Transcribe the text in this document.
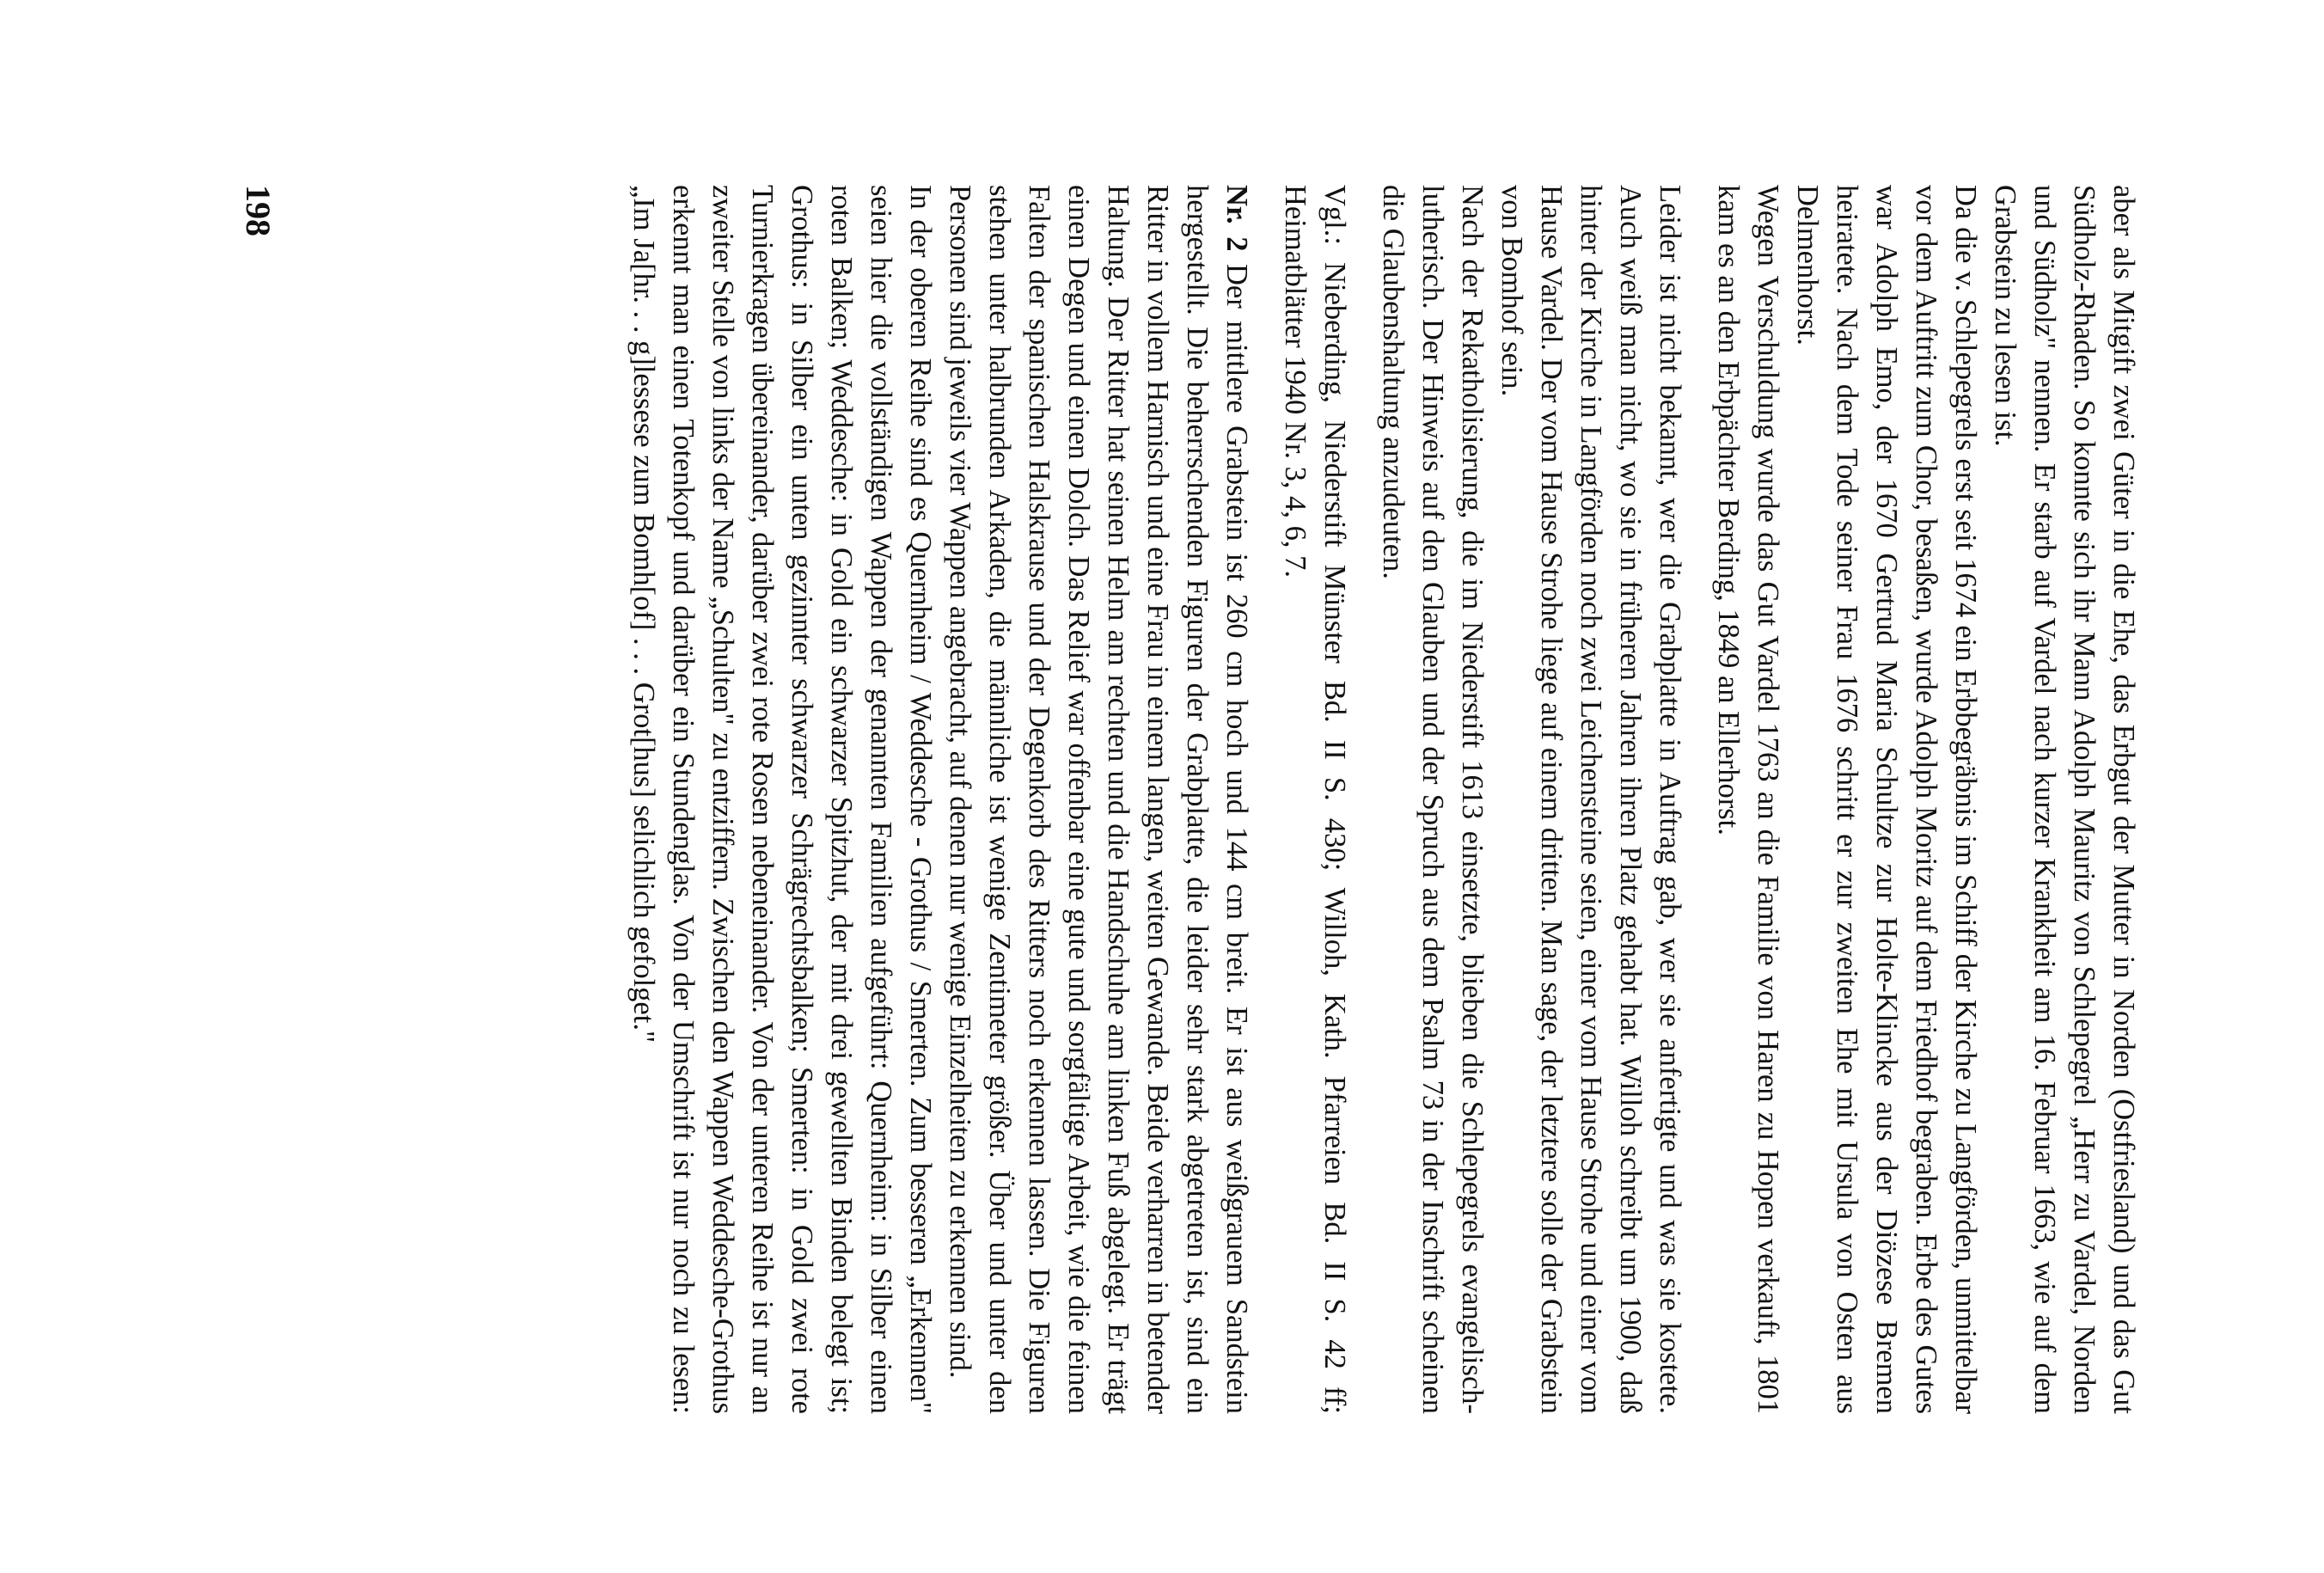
aber als Mitgift zwei Güter in die Ehe, das Erbgut der Mutter in Norden (Ostfriesland) und das Gut Südholz-Rhaden. So konnte sich ihr Mann Adolph Mauritz von Schlepegrel „Herr zu Vardel, Norden und Südholz" nennen. Er starb auf Vardel nach kurzer Krankheit am 16. Februar 1663, wie auf dem Grabstein zu lesen ist.

Da die v. Schlepegrels erst seit 1674 ein Erbbegräbnis im Schiff der Kirche zu Langförden, unmittelbar vor dem Auftritt zum Chor, besaßen, wurde Adolph Moritz auf dem Friedhof begraben. Erbe des Gutes war Adolph Emo, der 1670 Gertrud Maria Schultze zur Holte-Klincke aus der Diözese Bremen heiratete. Nach dem Tode seiner Frau 1676 schritt er zur zweiten Ehe mit Ursula von Osten aus Delmenhorst.

Wegen Verschuldung wurde das Gut Vardel 1763 an die Familie von Haren zu Hopen verkauft, 1801 kam es an den Erbpächter Berding, 1849 an Ellerhorst.

Leider ist nicht bekannt, wer die Grabplatte in Auftrag gab, wer sie anfertigte und was sie kostete. Auch weiß man nicht, wo sie in früheren Jahren ihren Platz gehabt hat. Willoh schreibt um 1900, daß hinter der Kirche in Langförden noch zwei Leichensteine seien, einer vom Hause Strohe und einer vom Hause Vardel. Der vom Hause Strohe liege auf einem dritten. Man sage, der letztere solle der Grabstein von Bomhof sein.

Nach der Rekatholisierung, die im Niederstift 1613 einsetzte, blieben die Schlepegrels evangelisch-lutherisch. Der Hinweis auf den Glauben und der Spruch aus dem Psalm 73 in der Inschrift scheinen die Glaubenshaltung anzudeuten.

Vgl.: Nieberding, Niederstift Münster Bd. II S. 430; Willoh, Kath. Pfarreien Bd. II S. 42 ff; Heimatblätter 1940 Nr. 3, 4, 6, 7.

Nr. 2 Der mittlere Grabstein ist 260 cm hoch und 144 cm breit. Er ist aus weißgrauem Sandstein hergestellt. Die beherrschenden Figuren der Grabplatte, die leider sehr stark abgetreten ist, sind ein Ritter in vollem Harnisch und eine Frau in einem langen, weiten Gewande. Beide verharren in betender Haltung. Der Ritter hat seinen Helm am rechten und die Handschuhe am linken Fuß abgelegt. Er trägt einen Degen und einen Dolch. Das Relief war offenbar eine gute und sorgfältige Arbeit, wie die feinen Falten der spanischen Halskrause und der Degenkorb des Ritters noch erkennen lassen. Die Figuren stehen unter halbrunden Arkaden, die männliche ist wenige Zentimeter größer. Über und unter den Personen sind jeweils vier Wappen angebracht, auf denen nur wenige Einzelheiten zu erkennen sind.

In der oberen Reihe sind es Quernheim / Weddesche - Grothus / Smerten. Zum besseren „Erkennen" seien hier die vollständigen Wappen der genannten Familien aufgeführt: Quernheim: in Silber einen roten Balken; Weddesche: in Gold ein schwarzer Spitzhut, der mit drei gewellten Binden belegt ist; Grothus: in Silber ein unten gezinnter schwarzer Schrägrechtsbalken; Smerten: in Gold zwei rote Turnierkragen übereinander, darüber zwei rote Rosen nebeneinander. Von der unteren Reihe ist nur an zweiter Stelle von links der Name „Schulten" zu entziffern. Zwischen den Wappen Weddesche-Grothus erkennt man einen Totenkopf und darüber ein Stundenglas. Von der Umschrift ist nur noch zu lesen: „Im Ja[hr. . . g]lessese zum Bomh[of] . . . Grot[hus] selichlich gefolget."

198
